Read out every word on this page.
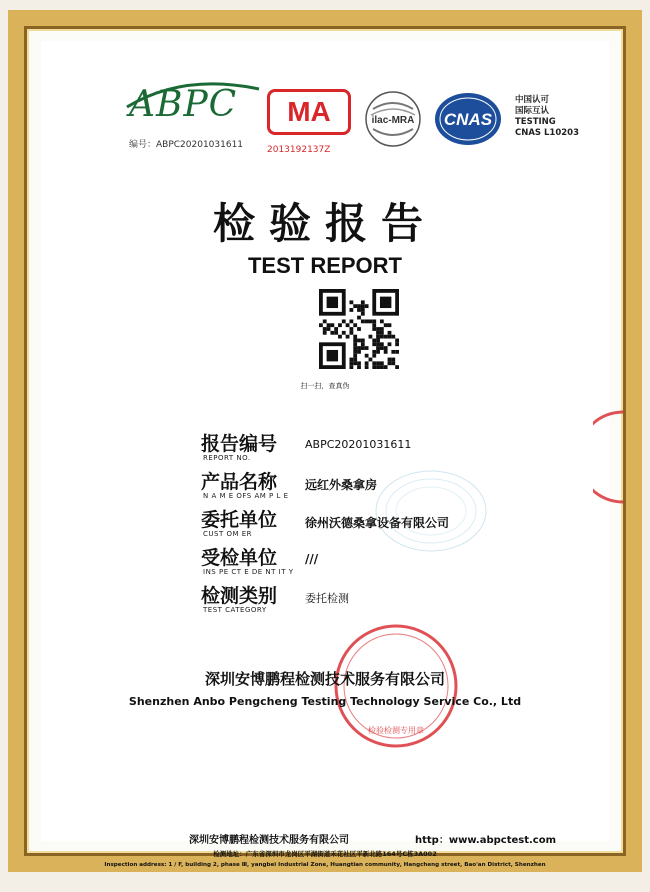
ABPC
编号：ABPC20201031611
MA
2013192137Z
ilac-MRA CNAS
中国认可
国际互认
TESTING
CNAS L10203
检验报告
TEST REPORT
扫一扫，查真伪
报告编号
REPORT NO.
ABPC20201031611
产品名称
N A M E OFS AM P L E
远红外桑拿房
委托单位
CUST OM ER
徐州沃德桑拿设备有限公司
受检单位
INS PE CT E DE NT IT Y
///
检测类别
TEST CATEGORY
委托检测
检验检测专用章
深圳安博鹏程检测技术服务有限公司
Shenzhen Anbo Pengcheng Testing Technology Service Co., Ltd
深圳安博鹏程检测技术服务有限公司	http：www.abpctest.com
检测地址：广东省深圳市龙岗区平湖街道禾花社区平新北路164号C栋3A002
Inspection address: 1 / F, building 2, phase Ⅲ, yangbei Industrial Zone, Huangtian community, Hangcheng street, Bao'an District, Shenzhen
